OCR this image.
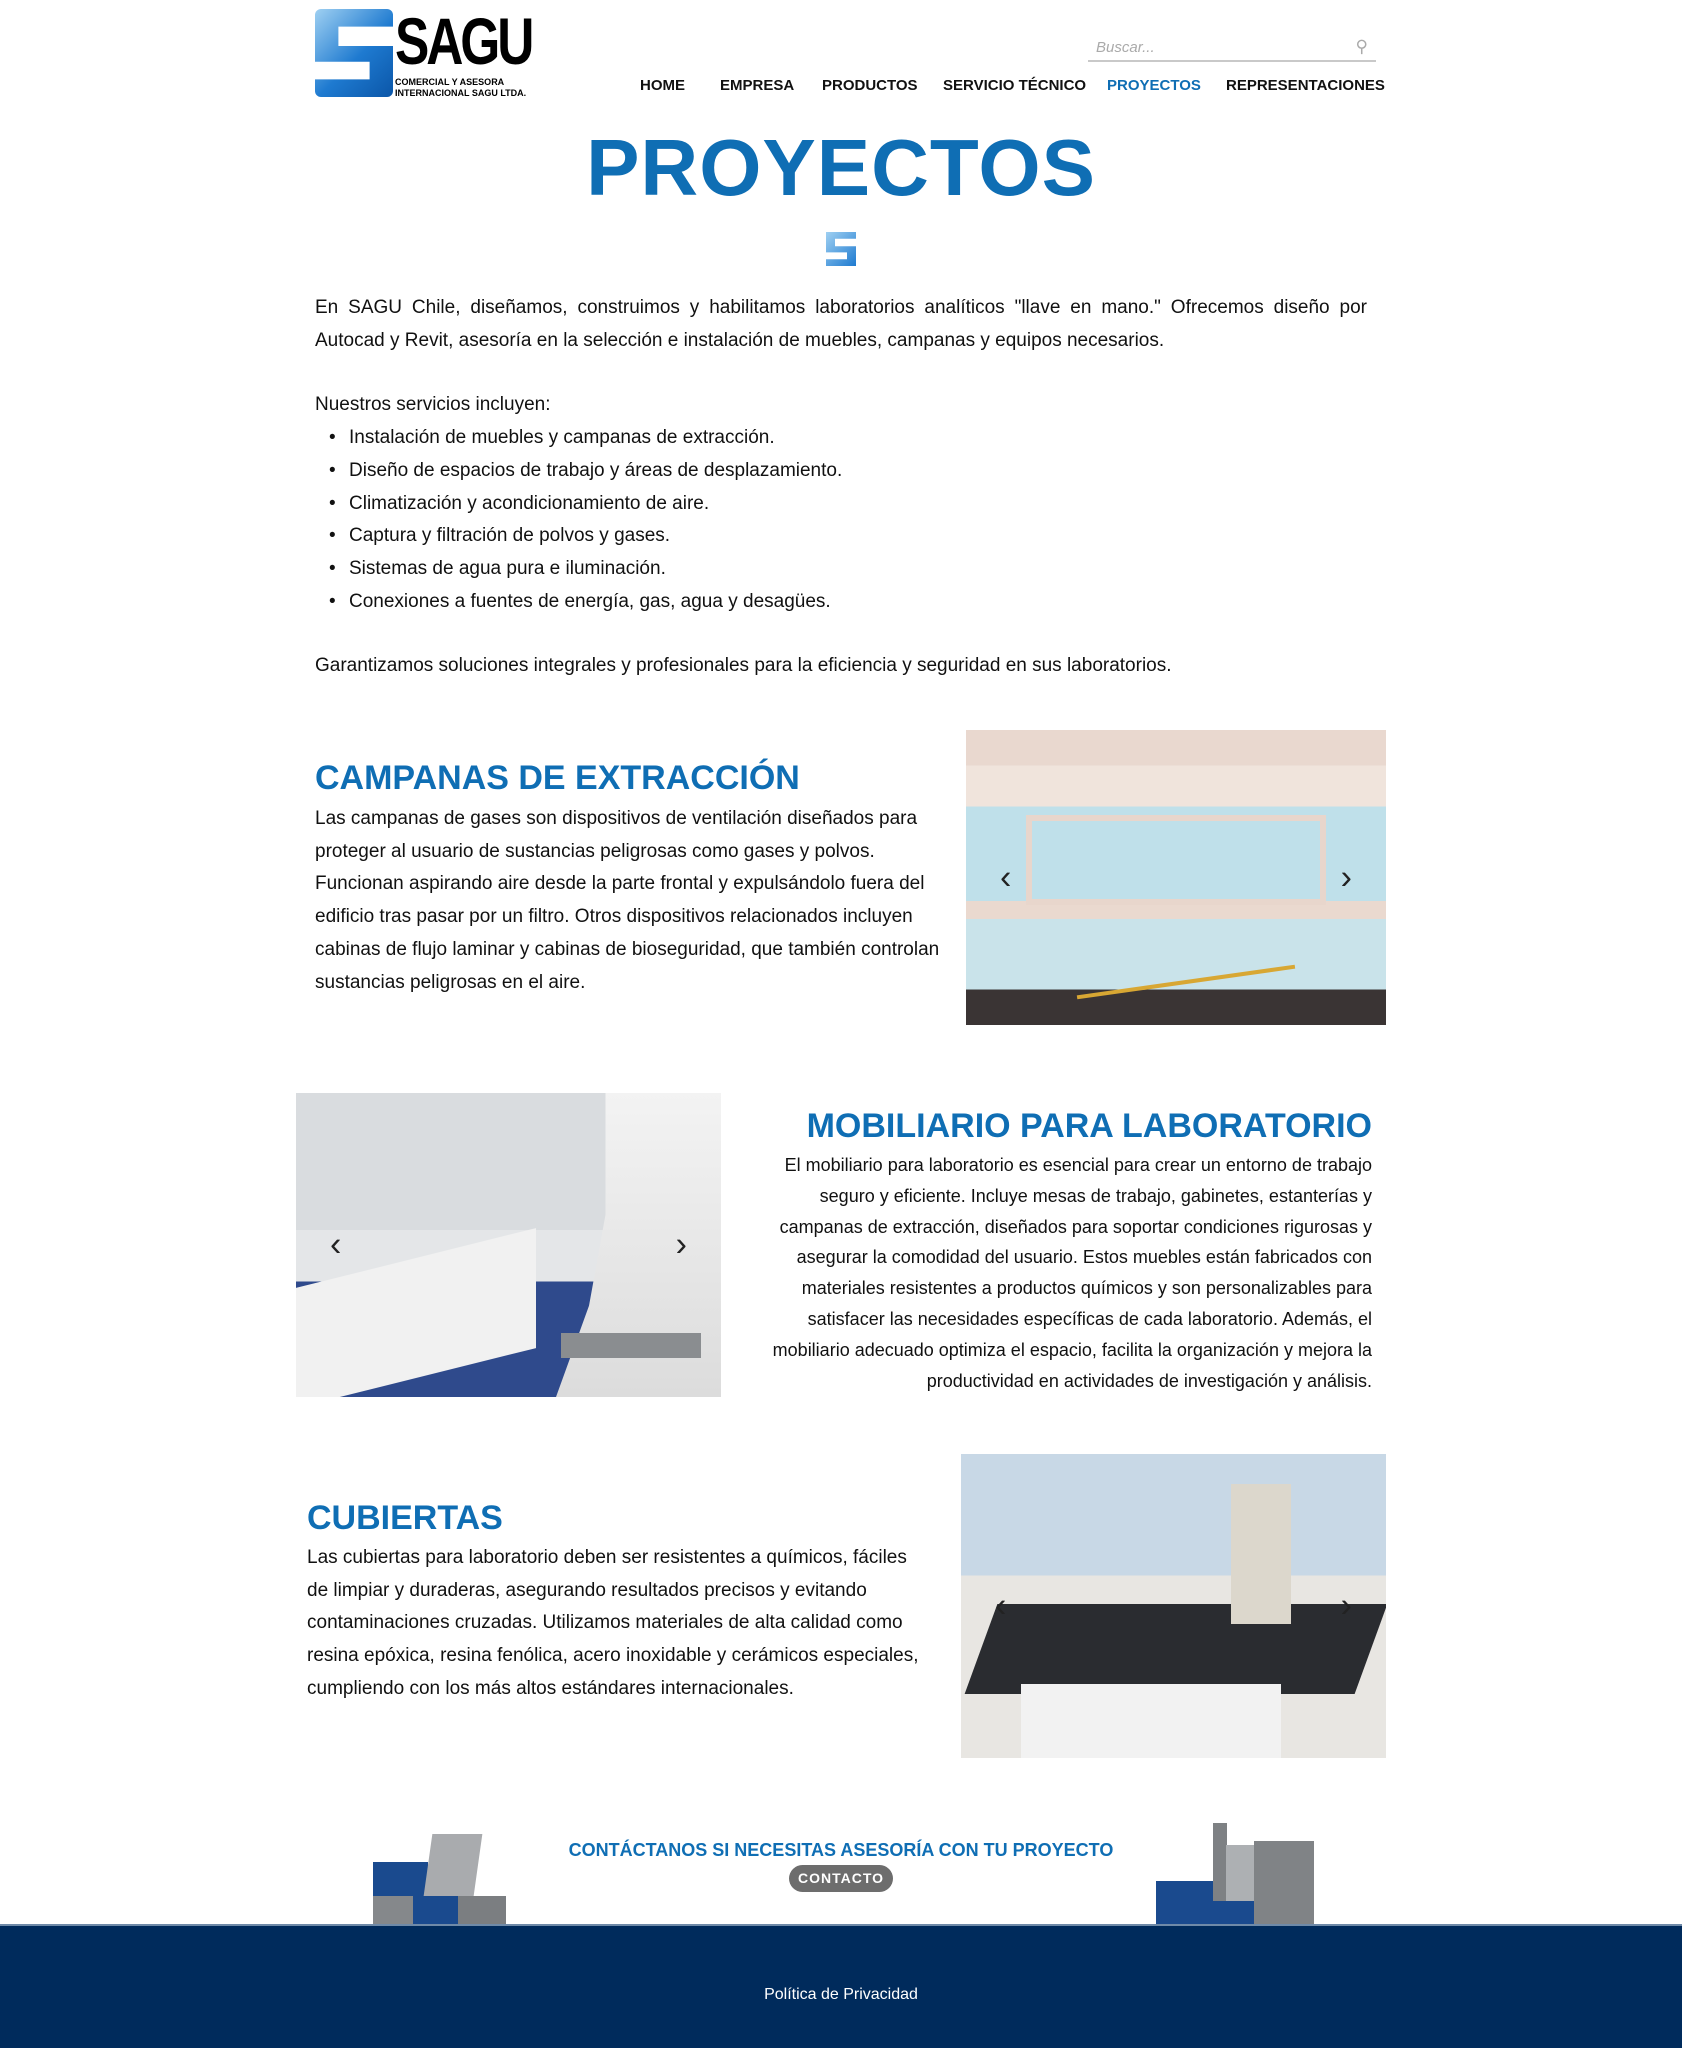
SAGU
COMERCIAL Y ASESORA INTERNACIONAL SAGU LTDA.
Buscar...
⚲
HOME EMPRESA PRODUCTOS SERVICIO TÉCNICO PROYECTOS REPRESENTACIONES
PROYECTOS

En SAGU Chile, diseñamos, construimos y habilitamos laboratorios analíticos "llave en mano." Ofrecemos diseño por Autocad y Revit, asesoría en la selección e instalación de muebles, campanas y equipos necesarios.

Nuestros servicios incluyen:

• Instalación de muebles y campanas de extracción.
• Diseño de espacios de trabajo y áreas de desplazamiento.
• Climatización y acondicionamiento de aire.
• Captura y filtración de polvos y gases.
• Sistemas de agua pura e iluminación.
• Conexiones a fuentes de energía, gas, agua y desagües.

Garantizamos soluciones integrales y profesionales para la eficiencia y seguridad en sus laboratorios.

CAMPANAS DE EXTRACCIÓN

Las campanas de gases son dispositivos de ventilación diseñados para proteger al usuario de sustancias peligrosas como gases y polvos. Funcionan aspirando aire desde la parte frontal y expulsándolo fuera del edificio tras pasar por un filtro. Otros dispositivos relacionados incluyen cabinas de flujo laminar y cabinas de bioseguridad, que también controlan sustancias peligrosas en el aire.

‹	›
‹	›
MOBILIARIO PARA LABORATORIO

El mobiliario para laboratorio es esencial para crear un entorno de trabajo seguro y eficiente. Incluye mesas de trabajo, gabinetes, estanterías y campanas de extracción, diseñados para soportar condiciones rigurosas y asegurar la comodidad del usuario. Estos muebles están fabricados con materiales resistentes a productos químicos y son personalizables para satisfacer las necesidades específicas de cada laboratorio. Además, el mobiliario adecuado optimiza el espacio, facilita la organización y mejora la productividad en actividades de investigación y análisis.

CUBIERTAS

Las cubiertas para laboratorio deben ser resistentes a químicos, fáciles de limpiar y duraderas, asegurando resultados precisos y evitando contaminaciones cruzadas. Utilizamos materiales de alta calidad como resina epóxica, resina fenólica, acero inoxidable y cerámicos especiales, cumpliendo con los más altos estándares internacionales.

‹	›
CONTÁCTANOS SI NECESITAS ASESORÍA CON TU PROYECTO
CONTACTO
Política de Privacidad
